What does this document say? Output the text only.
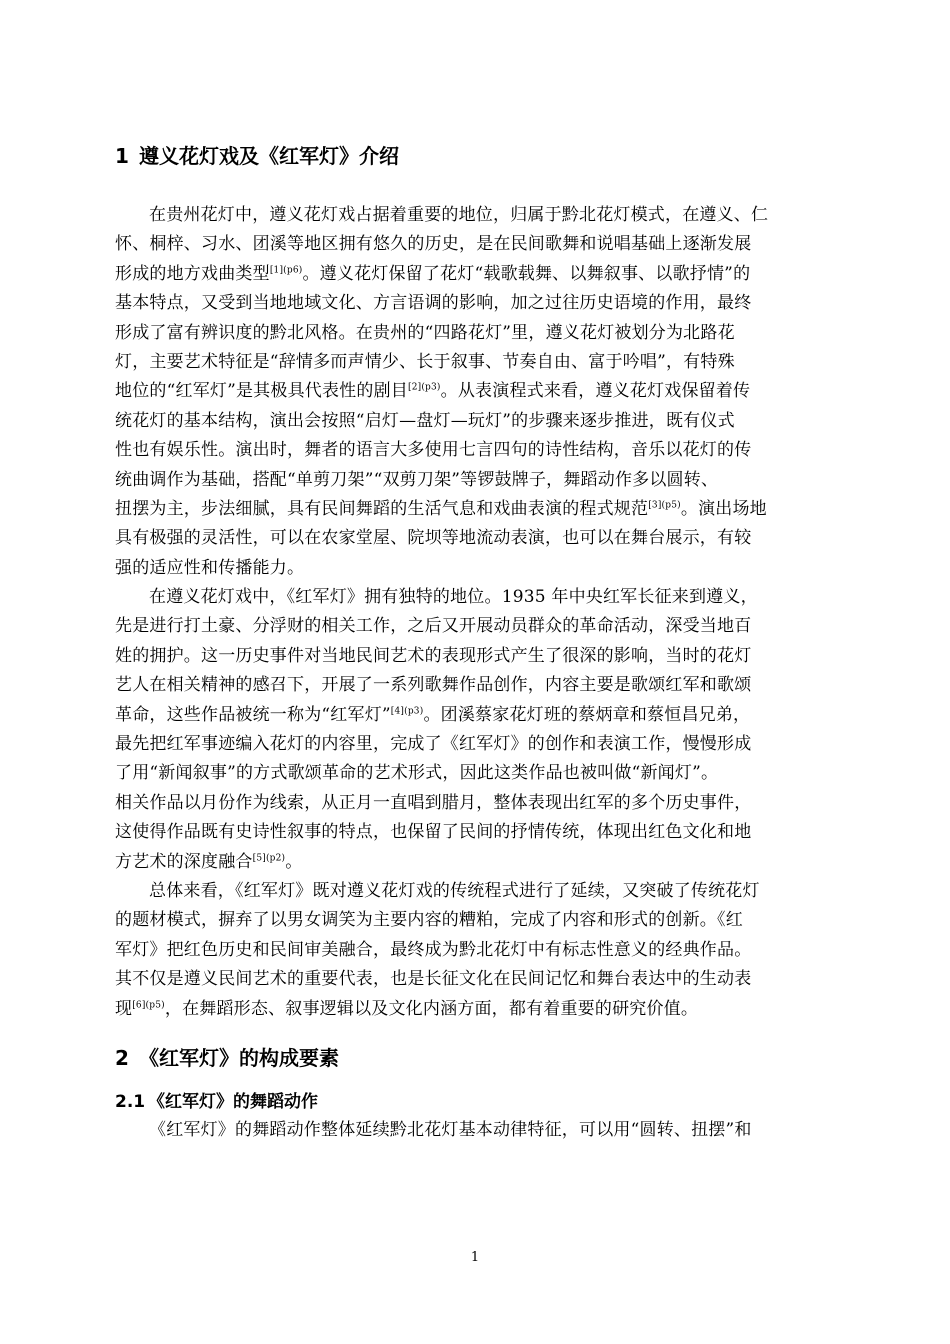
1 遵义花灯戏及《红军灯》介绍
在贵州花灯中，遵义花灯戏占据着重要的地位，归属于黔北花灯模式，在遵义、仁
怀、桐梓、习水、团溪等地区拥有悠久的历史，是在民间歌舞和说唱基础上逐渐发展
形成的地方戏曲类型$^{[1](p6)}$。遵义花灯保留了花灯“载歌载舞、以舞叙事、以歌抒情”的
基本特点，又受到当地地域文化、方言语调的影响，加之过往历史语境的作用，最终
形成了富有辨识度的黔北风格。在贵州的“四路花灯”里，遵义花灯被划分为北路花
灯，主要艺术特征是“辞情多而声情少、长于叙事、节奏自由、富于吟唱”，有特殊
地位的“红军灯”是其极具代表性的剧目$^{[2](p3)}$。从表演程式来看，遵义花灯戏保留着传
统花灯的基本结构，演出会按照“启灯—盘灯—玩灯”的步骤来逐步推进，既有仪式
性也有娱乐性。演出时，舞者的语言大多使用七言四句的诗性结构，音乐以花灯的传
统曲调作为基础，搭配“单剪刀架”“双剪刀架”等锣鼓牌子，舞蹈动作多以圆转、
扭摆为主，步法细腻，具有民间舞蹈的生活气息和戏曲表演的程式规范$^{[3](p5)}$。演出场地
具有极强的灵活性，可以在农家堂屋、院坝等地流动表演，也可以在舞台展示，有较
强的适应性和传播能力。
在遵义花灯戏中，《红军灯》拥有独特的地位。1935 年中央红军长征来到遵义，
先是进行打土豪、分浮财的相关工作，之后又开展动员群众的革命活动，深受当地百
姓的拥护。这一历史事件对当地民间艺术的表现形式产生了很深的影响，当时的花灯
艺人在相关精神的感召下，开展了一系列歌舞作品创作，内容主要是歌颂红军和歌颂
革命，这些作品被统一称为“红军灯”$^{[4](p3)}$。团溪蔡家花灯班的蔡炳章和蔡恒昌兄弟，
最先把红军事迹编入花灯的内容里，完成了《红军灯》的创作和表演工作，慢慢形成
了用“新闻叙事”的方式歌颂革命的艺术形式，因此这类作品也被叫做“新闻灯”。
相关作品以月份作为线索，从正月一直唱到腊月，整体表现出红军的多个历史事件，
这使得作品既有史诗性叙事的特点，也保留了民间的抒情传统，体现出红色文化和地
方艺术的深度融合$^{[5](p2)}$。
总体来看，《红军灯》既对遵义花灯戏的传统程式进行了延续，又突破了传统花灯
的题材模式，摒弃了以男女调笑为主要内容的糟粕，完成了内容和形式的创新。《红
军灯》把红色历史和民间审美融合，最终成为黔北花灯中有标志性意义的经典作品。
其不仅是遵义民间艺术的重要代表，也是长征文化在民间记忆和舞台表达中的生动表
现$^{[6](p5)}$，在舞蹈形态、叙事逻辑以及文化内涵方面，都有着重要的研究价值。
2 《红军灯》的构成要素
2.1 《红军灯》的舞蹈动作
《红军灯》的舞蹈动作整体延续黔北花灯基本动律特征，可以用“圆转、扭摆”和
1
